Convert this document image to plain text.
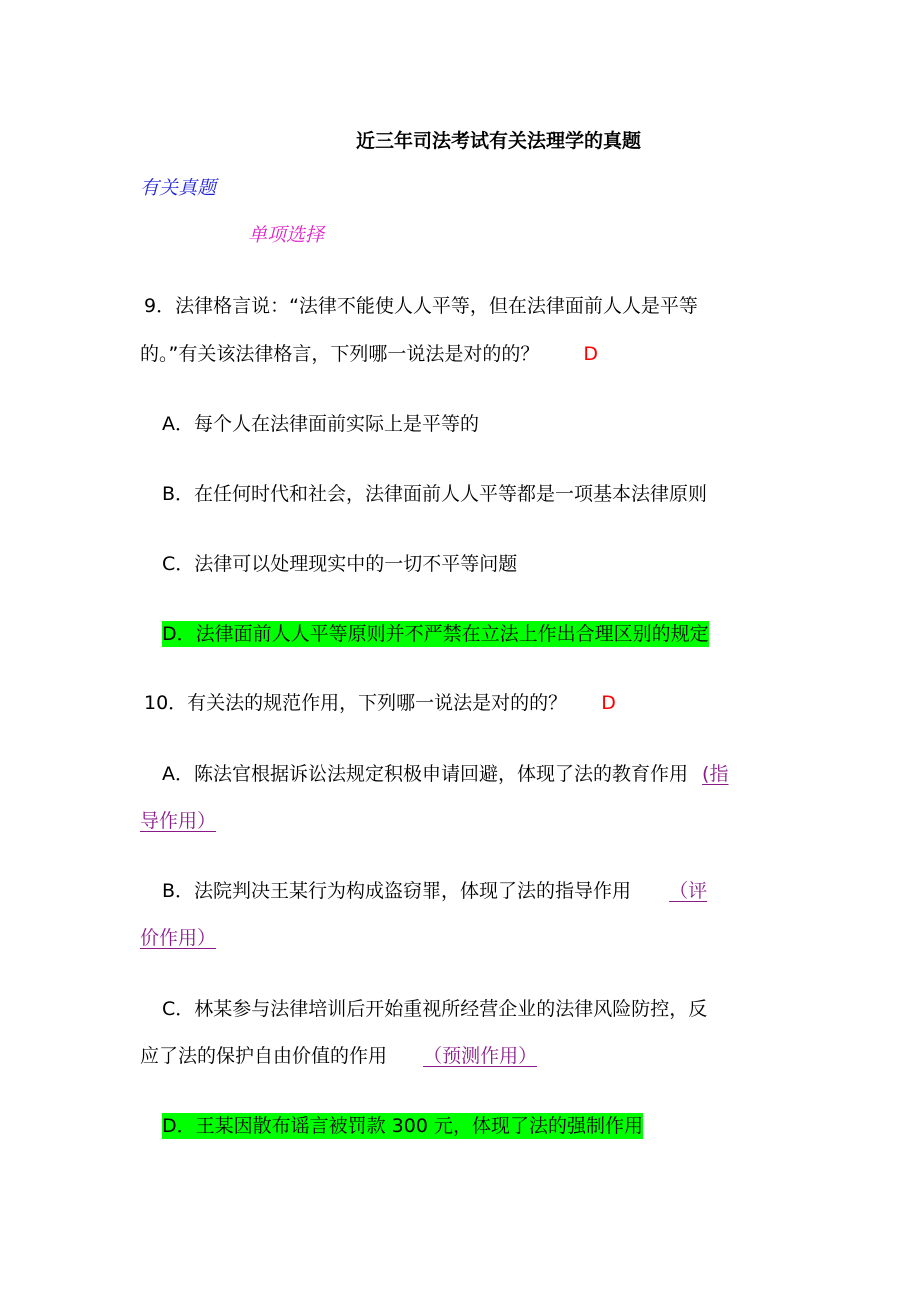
近三年司法考试有关法理学的真题
有关真题
单项选择
9．法律格言说：“法律不能使人人平等，但在法律面前人人是平等
的。”有关该法律格言，下列哪一说法是对的的？ D
A．每个人在法律面前实际上是平等的
B．在任何时代和社会，法律面前人人平等都是一项基本法律原则
C．法律可以处理现实中的一切不平等问题
D．法律面前人人平等原则并不严禁在立法上作出合理区别的规定
10．有关法的规范作用，下列哪一说法是对的的？ D
A．陈法官根据诉讼法规定积极申请回避，体现了法的教育作用 (指
导作用）
B．法院判决王某行为构成盗窃罪，体现了法的指导作用 （评
价作用）
C．林某参与法律培训后开始重视所经营企业的法律风险防控，反
应了法的保护自由价值的作用 （预测作用）
D．王某因散布谣言被罚款 300 元，体现了法的强制作用
